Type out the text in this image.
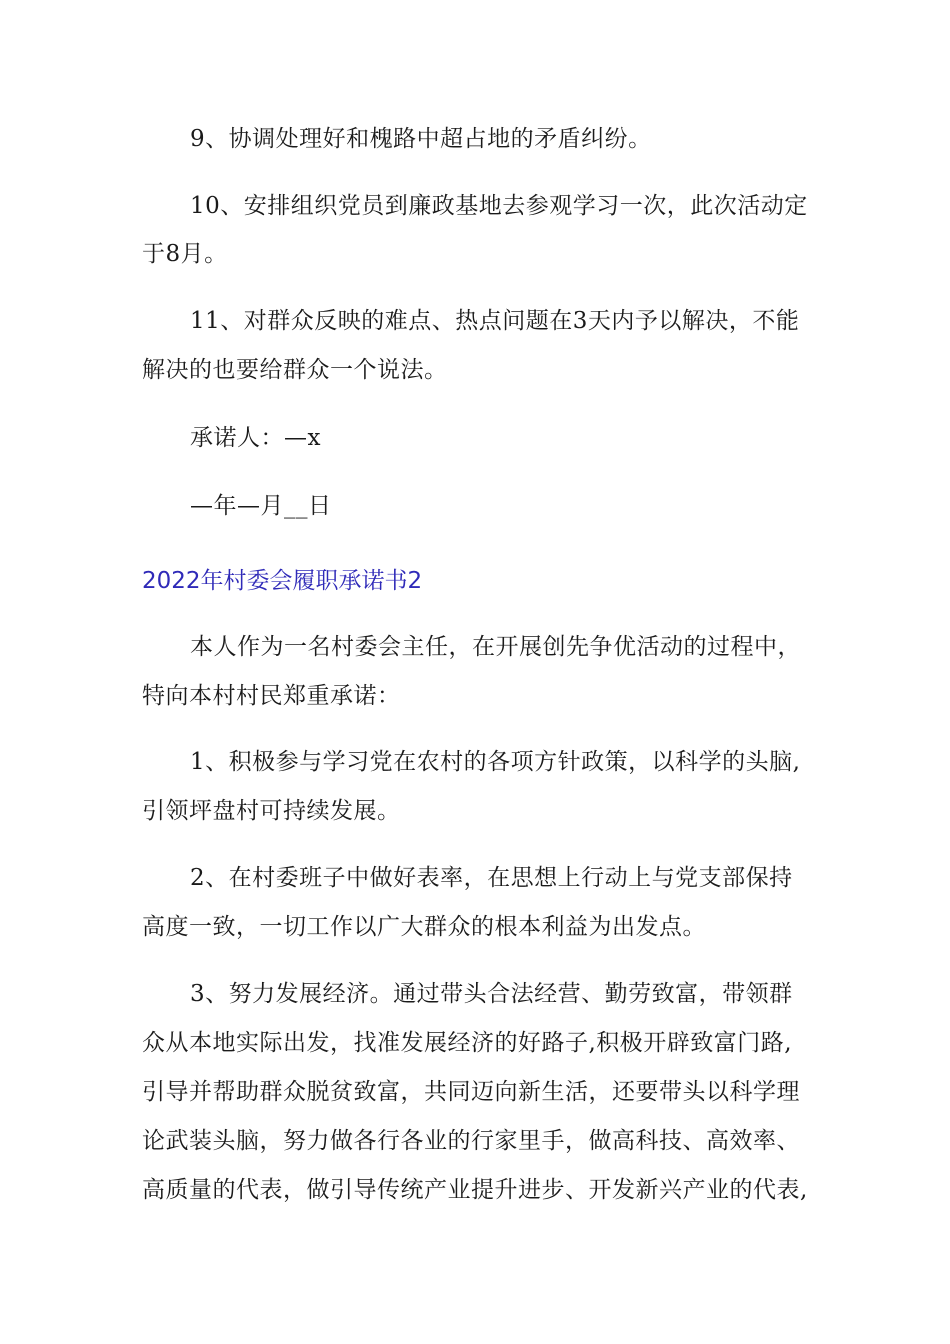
9、协调处理好和槐路中超占地的矛盾纠纷。
10、安排组织党员到廉政基地去参观学习一次，此次活动定
于8月。
11、对群众反映的难点、热点问题在3天内予以解决，不能
解决的也要给群众一个说法。
承诺人：—x
—年—月__日
2022年村委会履职承诺书2
本人作为一名村委会主任，在开展创先争优活动的过程中，
特向本村村民郑重承诺：
1、积极参与学习党在农村的各项方针政策，以科学的头脑,
引领坪盘村可持续发展。
2、在村委班子中做好表率，在思想上行动上与党支部保持
高度一致，一切工作以广大群众的根本利益为出发点。
3、努力发展经济。通过带头合法经营、勤劳致富，带领群
众从本地实际出发，找准发展经济的好路子,积极开辟致富门路,
引导并帮助群众脱贫致富，共同迈向新生活，还要带头以科学理
论武装头脑，努力做各行各业的行家里手，做高科技、高效率、
高质量的代表，做引导传统产业提升进步、开发新兴产业的代表,
